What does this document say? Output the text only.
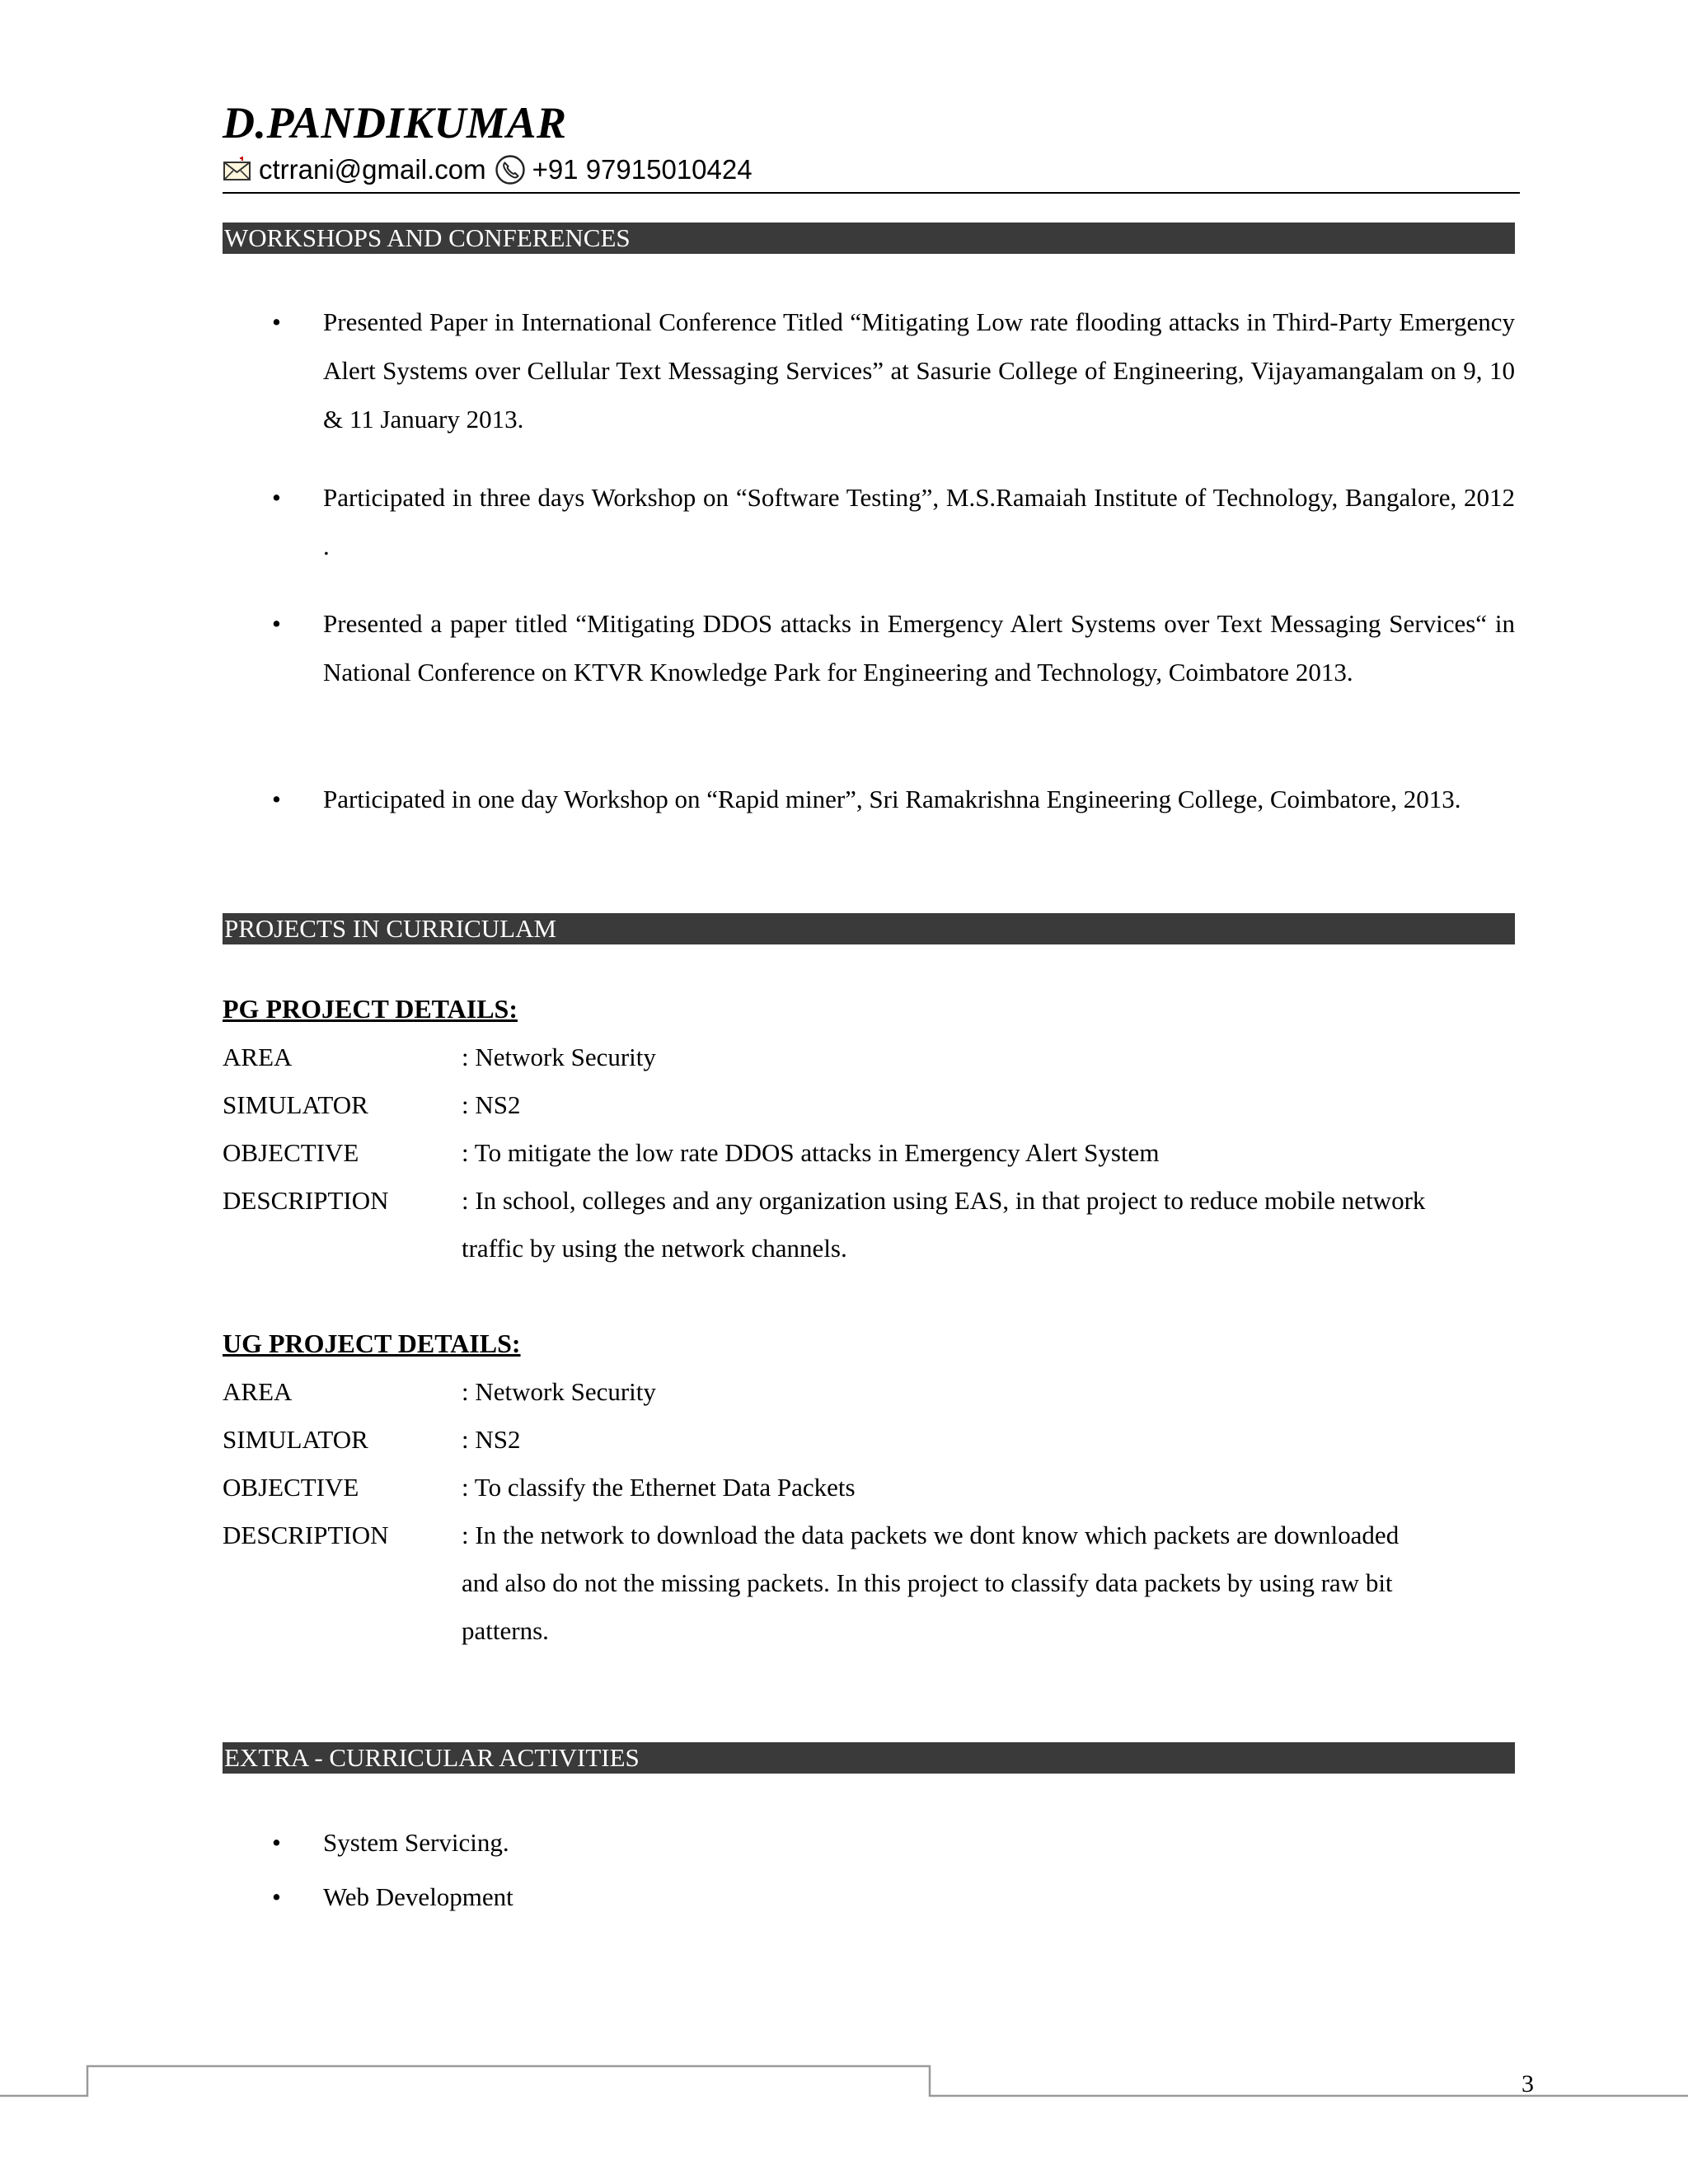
D.PANDIKUMAR
ctrrani@gmail.com +91 97915010424
WORKSHOPS AND CONFERENCES
•	Presented Paper in International Conference Titled “Mitigating Low rate flooding attacks in Third-Party Emergency Alert Systems over Cellular Text Messaging Services” at Sasurie College of Engineering, Vijayamangalam on 9, 10 & 11 January 2013.
•	Participated in three days Workshop on “Software Testing”, M.S.Ramaiah Institute of Technology, Bangalore, 2012 .
•	Presented a paper titled “Mitigating DDOS attacks in Emergency Alert Systems over Text Messaging Services“ in National Conference on KTVR Knowledge Park for Engineering and Technology, Coimbatore 2013.
•	Participated in one day Workshop on “Rapid miner”, Sri Ramakrishna Engineering College, Coimbatore, 2013.
PROJECTS IN CURRICULAM
PG PROJECT DETAILS:
AREA	: Network Security
SIMULATOR	: NS2
OBJECTIVE	: To mitigate the low rate DDOS attacks in Emergency Alert System
DESCRIPTION	: In school, colleges and any organization using EAS, in that project to reduce mobile network
traffic by using the network channels.
UG PROJECT DETAILS:
AREA	: Network Security
SIMULATOR	: NS2
OBJECTIVE	: To classify the Ethernet Data Packets
DESCRIPTION	: In the network to download the data packets we dont know which packets are downloaded
and also do not the missing packets. In this project to classify data packets by using raw bit
patterns.
EXTRA - CURRICULAR ACTIVITIES
•	System Servicing.
•	Web Development
3
